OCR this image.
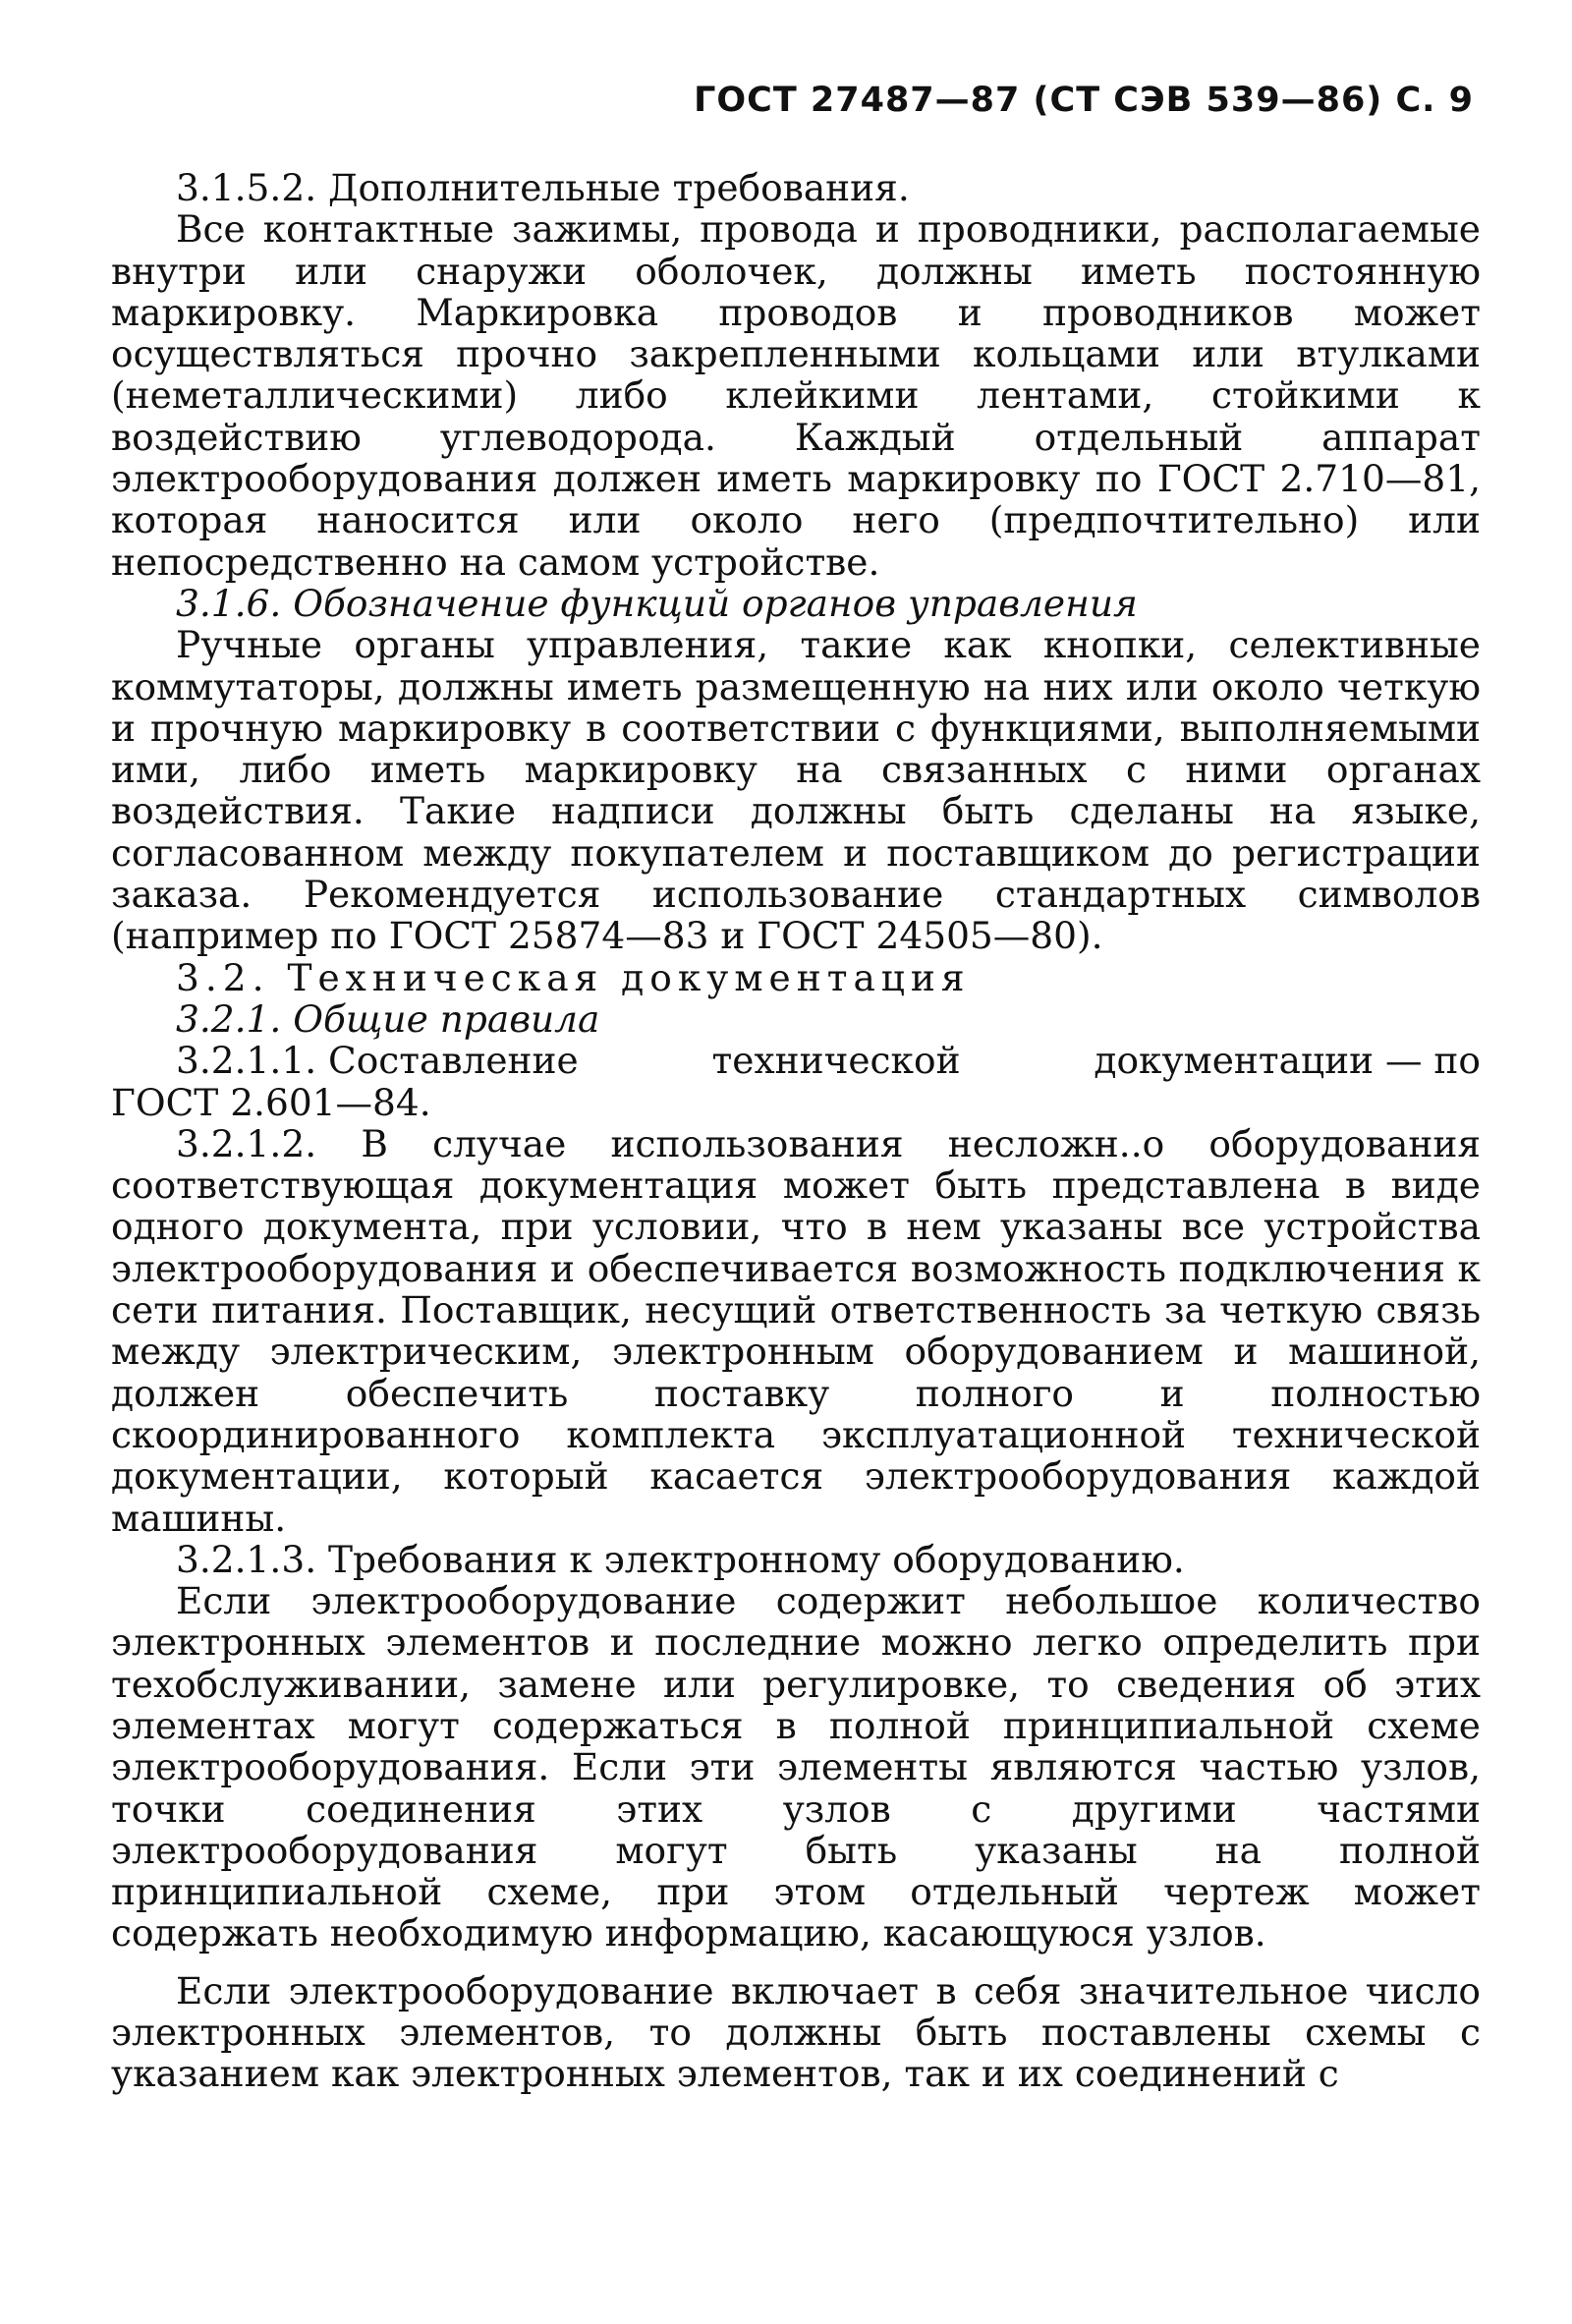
ГОСТ 27487—87 (СТ СЭВ 539—86) С. 9

3.1.5.2. Дополнительные требования.

Все контактные зажимы, провода и проводники, располагаемые внутри или снаружи оболочек, должны иметь постоянную маркировку. Маркировка проводов и проводников может осуществляться прочно закрепленными кольцами или втулками (неметаллическими) либо клейкими лентами, стойкими к воздействию углеводорода. Каждый отдельный аппарат электрооборудования должен иметь маркировку по ГОСТ 2.710—81, которая наносится или около него (предпочтительно) или непосредственно на самом устройстве.

3.1.6. Обозначение функций органов управления

Ручные органы управления, такие как кнопки, селективные коммутаторы, должны иметь размещенную на них или около четкую и прочную маркировку в соответствии с функциями, выполняемыми ими, либо иметь маркировку на связанных с ними органах воздействия. Такие надписи должны быть сделаны на языке, согласованном между покупателем и поставщиком до регистрации заказа. Рекомендуется использование стандартных символов (например по ГОСТ 25874—83 и ГОСТ 24505—80).

3.2. Техническая документация

3.2.1. Общие правила

3.2.1.1. Составление	технической	документации — по

ГОСТ 2.601—84.

3.2.1.2. В случае использования несложн..о оборудования соответствующая документация может быть представлена в виде одного документа, при условии, что в нем указаны все устройства электрооборудования и обеспечивается возможность подключения к сети питания. Поставщик, несущий ответственность за четкую связь между электрическим, электронным оборудованием и машиной, должен обеспечить поставку полного и полностью скоординированного комплекта эксплуатационной технической документации, который касается электрооборудования каждой машины.

3.2.1.3. Требования к электронному оборудованию.

Если электрооборудование содержит небольшое количество электронных элементов и последние можно легко определить при техобслуживании, замене или регулировке, то сведения об этих элементах могут содержаться в полной принципиальной схеме электрооборудования. Если эти элементы являются частью узлов, точки соединения этих узлов с другими частями электрооборудования могут быть указаны на полной принципиальной схеме, при этом отдельный чертеж может содержать необходимую информацию, касающуюся узлов.

Если электрооборудование включает в себя значительное число электронных элементов, то должны быть поставлены схемы с указанием как электронных элементов, так и их соединений с
